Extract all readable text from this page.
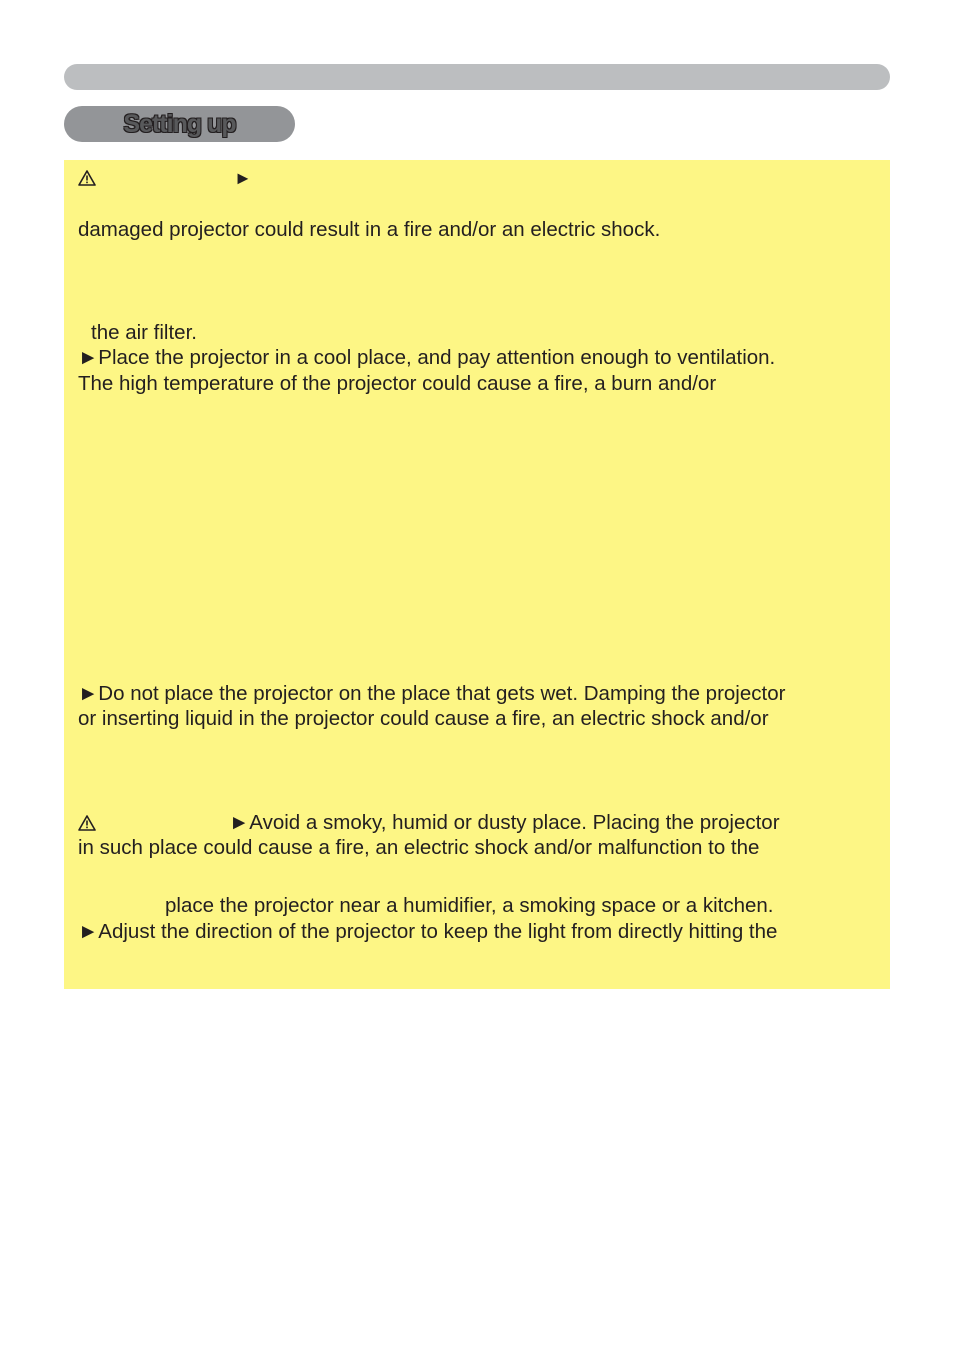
Setting up
►
damaged projector could result in a fire and/or an electric shock.
the air filter.
►Place the projector in a cool place, and pay attention enough to ventilation.
The high temperature of the projector could cause a fire, a burn and/or
►Do not place the projector on the place that gets wet. Damping the projector
or inserting liquid in the projector could cause a fire, an electric shock and/or
►Avoid a smoky, humid or dusty place. Placing the projector
in such place could cause a fire, an electric shock and/or malfunction to the
place the projector near a humidifier, a smoking space or a kitchen.
►Adjust the direction of the projector to keep the light from directly hitting the
